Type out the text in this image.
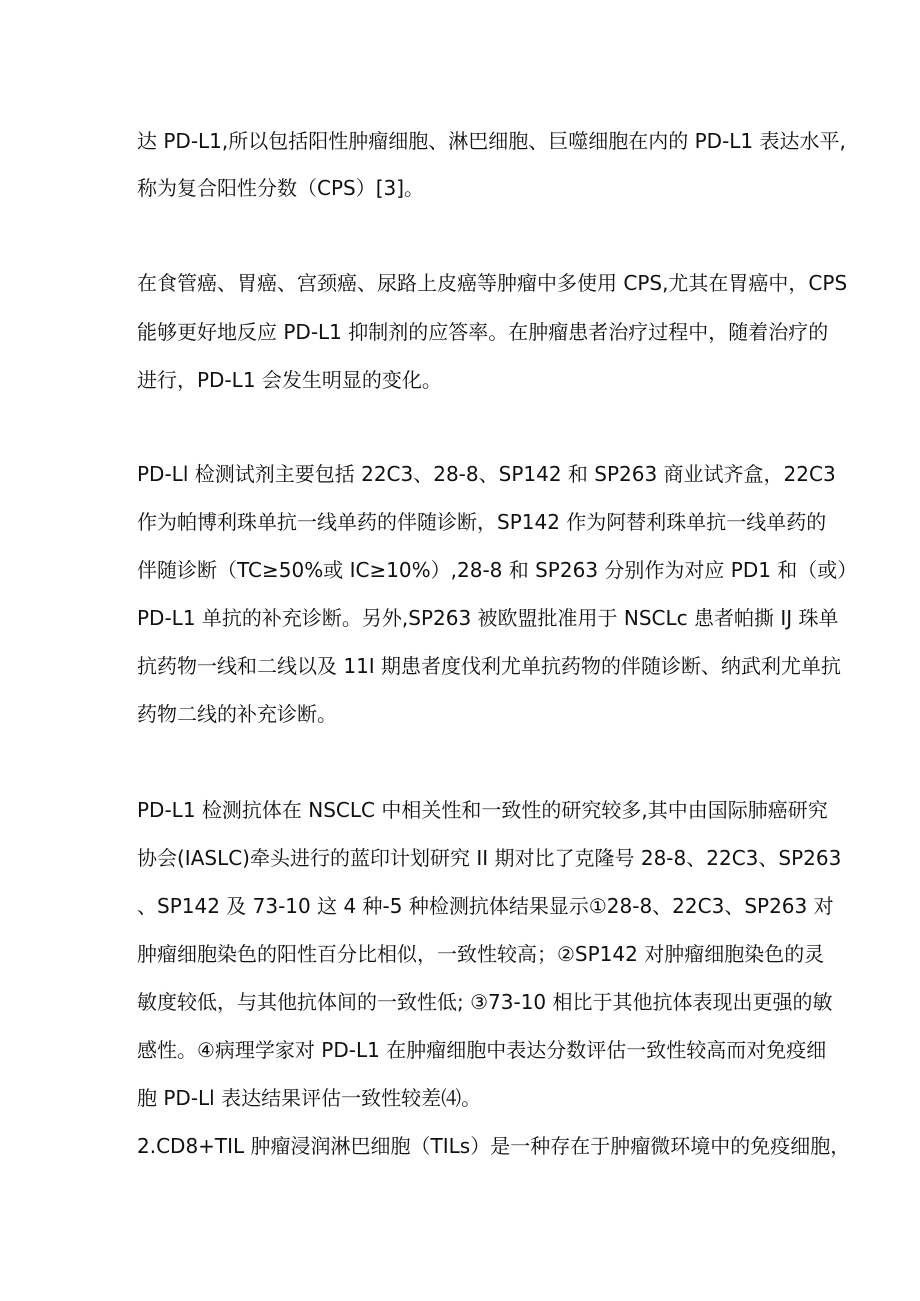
达 PD-L1,所以包括阳性肿瘤细胞、淋巴细胞、巨噬细胞在内的 PD-L1 表达水平,
称为复合阳性分数（CPS）[3]。
在食管癌、胃癌、宫颈癌、尿路上皮癌等肿瘤中多使用 CPS,尤其在胃癌中，CPS
能够更好地反应 PD-L1 抑制剂的应答率。在肿瘤患者治疗过程中，随着治疗的
进行，PD-L1 会发生明显的变化。
PD-Ll 检测试剂主要包括 22C3、28-8、SP142 和 SP263 商业试齐盒，22C3
作为帕博利珠单抗一线单药的伴随诊断，SP142 作为阿替利珠单抗一线单药的
伴随诊断（TC≥50%或 IC≥10%）,28-8 和 SP263 分别作为对应 PD1 和（或）
PD-L1 单抗的补充诊断。另外,SP263 被欧盟批准用于 NSCLc 患者帕撕 IJ 珠单
抗药物一线和二线以及 11I 期患者度伐利尤单抗药物的伴随诊断、纳武利尤单抗
药物二线的补充诊断。
PD-L1 检测抗体在 NSCLC 中相关性和一致性的研究较多,其中由国际肺癌研究
协会(IASLC)牵头进行的蓝印计划研究 II 期对比了克隆号 28-8、22C3、SP263
、SP142 及 73-10 这 4 种-5 种检测抗体结果显示①28-8、22C3、SP263 对
肿瘤细胞染色的阳性百分比相似，一致性较高；②SP142 对肿瘤细胞染色的灵
敏度较低，与其他抗体间的一致性低; ③73-10 相比于其他抗体表现出更强的敏
感性。④病理学家对 PD-L1 在肿瘤细胞中表达分数评估一致性较高而对免疫细
胞 PD-Ll 表达结果评估一致性较差⑷。
2.CD8+TIL 肿瘤浸润淋巴细胞（TILs）是一种存在于肿瘤微环境中的免疫细胞，
